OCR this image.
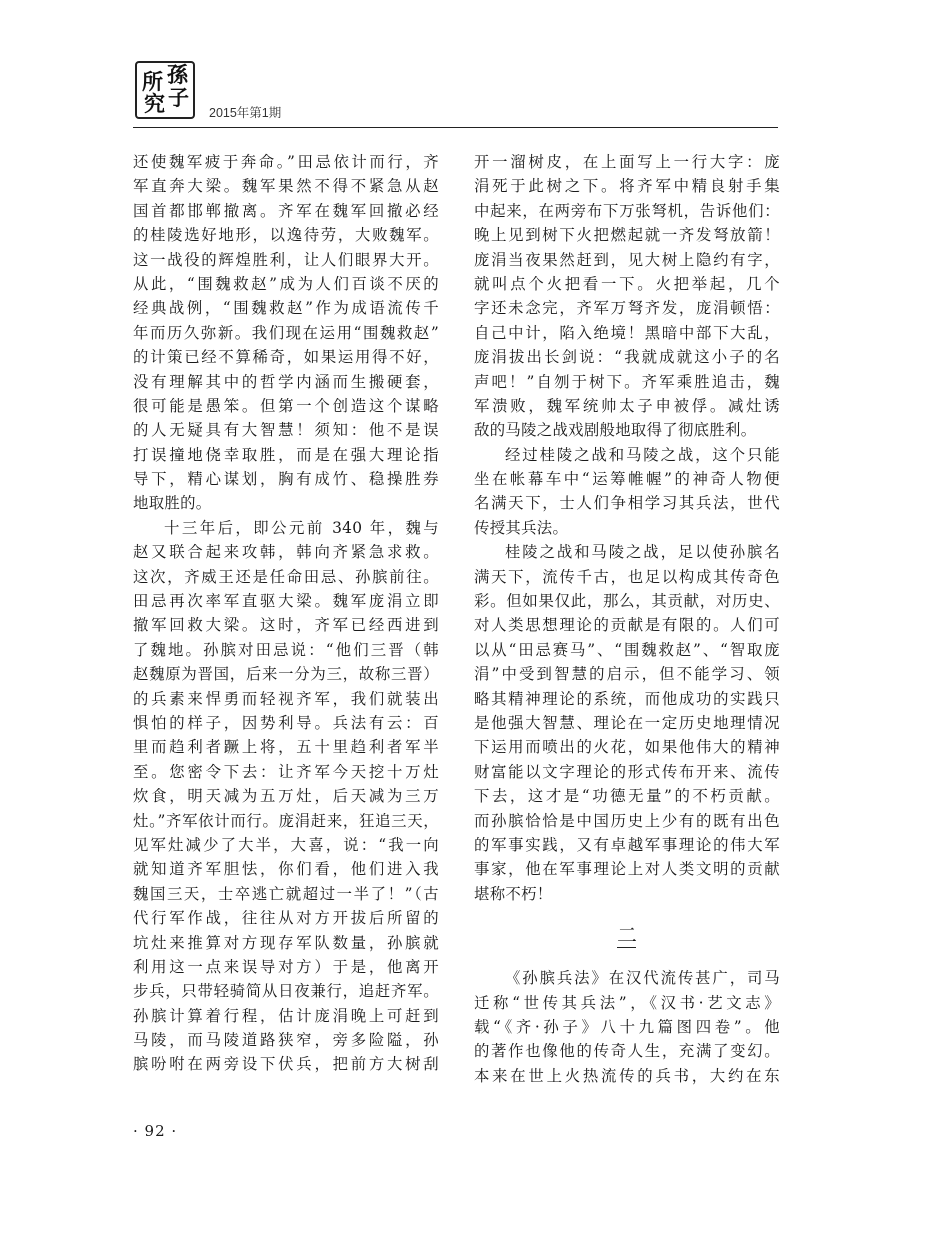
所 孫
究 子
2015年第1期
还使魏军疲于奔命。”田忌依计而行，齐
军直奔大梁。魏军果然不得不紧急从赵
国首都邯郸撤离。齐军在魏军回撤必经
的桂陵选好地形，以逸待劳，大败魏军。
这一战役的辉煌胜利，让人们眼界大开。
从此，“围魏救赵”成为人们百谈不厌的
经典战例，“围魏救赵”作为成语流传千
年而历久弥新。我们现在运用“围魏救赵”
的计策已经不算稀奇，如果运用得不好，
没有理解其中的哲学内涵而生搬硬套，
很可能是愚笨。但第一个创造这个谋略
的人无疑具有大智慧！须知：他不是误
打误撞地侥幸取胜，而是在强大理论指
导下，精心谋划，胸有成竹、稳操胜券
地取胜的。
十三年后，即公元前 340 年，魏与
赵又联合起来攻韩，韩向齐紧急求救。
这次，齐威王还是任命田忌、孙膑前往。
田忌再次率军直驱大梁。魏军庞涓立即
撤军回救大梁。这时，齐军已经西进到
了魏地。孙膑对田忌说：“他们三晋（韩
赵魏原为晋国，后来一分为三，故称三晋）
的兵素来悍勇而轻视齐军，我们就装出
惧怕的样子，因势利导。兵法有云：百
里而趋利者蹶上将，五十里趋利者军半
至。您密令下去：让齐军今天挖十万灶
炊食，明天减为五万灶，后天减为三万
灶。”齐军依计而行。庞涓赶来，狂追三天，
见军灶减少了大半，大喜，说：“我一向
就知道齐军胆怯，你们看，他们进入我
魏国三天，士卒逃亡就超过一半了！”（古
代行军作战，往往从对方开拔后所留的
坑灶来推算对方现存军队数量，孙膑就
利用这一点来误导对方）于是，他离开
步兵，只带轻骑简从日夜兼行，追赶齐军。
孙膑计算着行程，估计庞涓晚上可赶到
马陵，而马陵道路狭窄，旁多险隘，孙
膑吩咐在两旁设下伏兵，把前方大树刮
开一溜树皮，在上面写上一行大字：庞
涓死于此树之下。将齐军中精良射手集
中起来，在两旁布下万张弩机，告诉他们：
晚上见到树下火把燃起就一齐发弩放箭！
庞涓当夜果然赶到，见大树上隐约有字，
就叫点个火把看一下。火把举起，几个
字还未念完，齐军万弩齐发，庞涓顿悟：
自己中计，陷入绝境！黑暗中部下大乱，
庞涓拔出长剑说：“我就成就这小子的名
声吧！”自刎于树下。齐军乘胜追击，魏
军溃败，魏军统帅太子申被俘。减灶诱
敌的马陵之战戏剧般地取得了彻底胜利。
经过桂陵之战和马陵之战，这个只能
坐在帐幕车中“运筹帷幄”的神奇人物便
名满天下，士人们争相学习其兵法，世代
传授其兵法。
桂陵之战和马陵之战，足以使孙膑名
满天下，流传千古，也足以构成其传奇色
彩。但如果仅此，那么，其贡献，对历史、
对人类思想理论的贡献是有限的。人们可
以从“田忌赛马”、“围魏救赵”、“智取庞
涓”中受到智慧的启示，但不能学习、领
略其精神理论的系统，而他成功的实践只
是他强大智慧、理论在一定历史地理情况
下运用而喷出的火花，如果他伟大的精神
财富能以文字理论的形式传布开来、流传
下去，这才是“功德无量”的不朽贡献。
而孙膑恰恰是中国历史上少有的既有出色
的军事实践，又有卓越军事理论的伟大军
事家，他在军事理论上对人类文明的贡献
堪称不朽！
二
《孙膑兵法》在汉代流传甚广，司马
迁称“世传其兵法”，《汉书·艺文志》
载“《齐·孙子》八十九篇图四卷”。他
的著作也像他的传奇人生，充满了变幻。
本来在世上火热流传的兵书，大约在东
· 92 ·
